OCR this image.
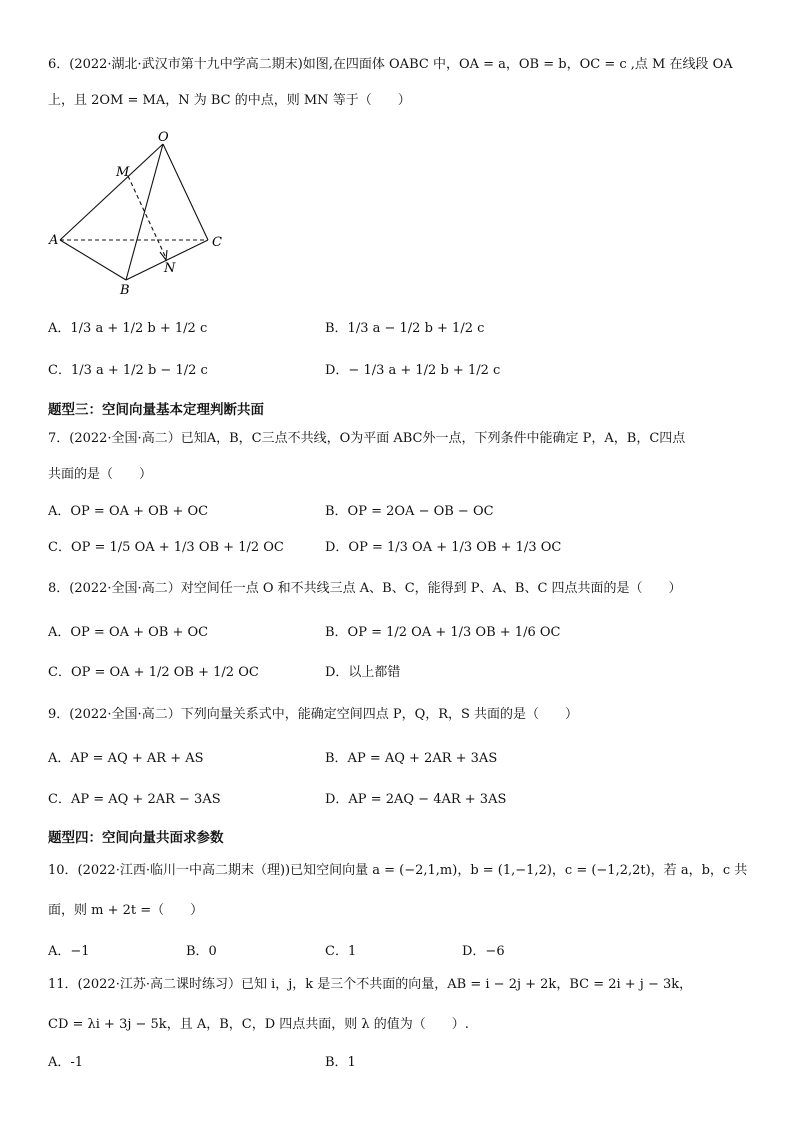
6．(2022·湖北·武汉市第十九中学高二期末)如图,在四面体 OABC 中，OA = a，OB = b，OC = c ,点 M 在线段 OA
上，且 2OM = MA，N 为 BC 的中点，则 MN 等于（　　）
O
M
A	C
N
B
A．1/3 a + 1/2 b + 1/2 c	B．1/3 a − 1/2 b + 1/2 c
C．1/3 a + 1/2 b − 1/2 c	D．− 1/3 a + 1/2 b + 1/2 c
题型三：空间向量基本定理判断共面
7．(2022·全国·高二）已知A，B，C三点不共线，O为平面 ABC外一点，下列条件中能确定 P，A，B，C四点
共面的是（　　）
A．OP = OA + OB + OC	B．OP = 2OA − OB − OC
C．OP = 1/5 OA + 1/3 OB + 1/2 OC	D．OP = 1/3 OA + 1/3 OB + 1/3 OC
8．(2022·全国·高二）对空间任一点 O 和不共线三点 A、B、C，能得到 P、A、B、C 四点共面的是（　　）
A．OP = OA + OB + OC	B．OP = 1/2 OA + 1/3 OB + 1/6 OC
C．OP = OA + 1/2 OB + 1/2 OC	D．以上都错
9．(2022·全国·高二）下列向量关系式中，能确定空间四点 P，Q，R，S 共面的是（　　）
A．AP = AQ + AR + AS	B．AP = AQ + 2AR + 3AS
C．AP = AQ + 2AR − 3AS	D．AP = 2AQ − 4AR + 3AS
题型四：空间向量共面求参数
10．(2022·江西·临川一中高二期末（理))已知空间向量 a = (−2,1,m)，b = (1,−1,2)，c = (−1,2,2t)，若 a，b，c 共
面，则 m + 2t =（　　）
A．−1	B．0	C．1	D．−6
11．(2022·江苏·高二课时练习）已知 i，j，k 是三个不共面的向量，AB = i − 2j + 2k，BC = 2i + j − 3k，
CD = λi + 3j − 5k，且 A，B，C，D 四点共面，则 λ 的值为（　　）.
A．-1	B．1
